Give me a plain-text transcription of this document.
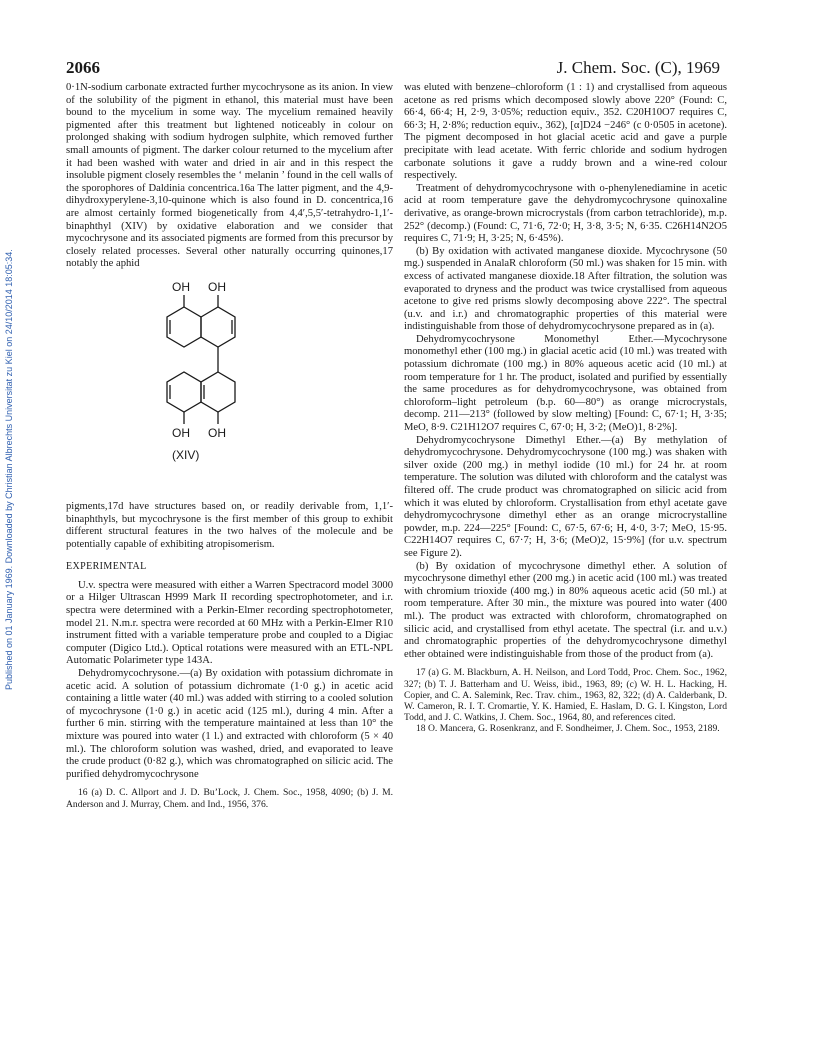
2066	J. Chem. Soc. (C), 1969
Published on 01 January 1969. Downloaded by Christian Albrechts Universitat zu Kiel on 24/10/2014 18:05:34.

0·1N-sodium carbonate extracted further mycochrysone as its anion. In view of the solubility of the pigment in ethanol, this material must have been bound to the mycelium in some way. The mycelium remained heavily pigmented after this treatment but lightened noticeably in colour on prolonged shaking with sodium hydrogen sulphite, which removed further small amounts of pigment. The darker colour returned to the mycelium after it had been washed with water and dried in air and in this respect the insoluble pigment closely resembles the ‘ melanin ’ found in the cell walls of the sporophores of Daldinia concentrica.16a The latter pigment, and the 4,9-dihydroxyperylene-3,10-quinone which is also found in D. concentrica,16 are almost certainly formed biogenetically from 4,4′,5,5′-tetrahydro-1,1′-binaphthyl (XIV) by oxidative elaboration and we consider that mycochrysone and its associated pigments are formed from this precursor by closely related processes. Several other naturally occurring quinones,17 notably the aphid

OH OH
OH OH
(XIV)

pigments,17d have structures based on, or readily derivable from, 1,1′-binaphthyls, but mycochrysone is the first member of this group to exhibit different structural features in the two halves of the molecule and be potentially capable of exhibiting atropisomerism.

EXPERIMENTAL

U.v. spectra were measured with either a Warren Spectracord model 3000 or a Hilger Ultrascan H999 Mark II recording spectrophotometer, and i.r. spectra were determined with a Perkin-Elmer recording spectrophotometer, model 21. N.m.r. spectra were recorded at 60 MHz with a Perkin-Elmer R10 instrument fitted with a variable temperature probe and coupled to a Digiac computer (Digico Ltd.). Optical rotations were measured with an ETL-NPL Automatic Polarimeter type 143A.

Dehydromycochrysone.—(a) By oxidation with potassium dichromate in acetic acid. A solution of potassium dichromate (1·0 g.) in acetic acid containing a little water (40 ml.) was added with stirring to a cooled solution of mycochrysone (1·0 g.) in acetic acid (125 ml.), during 4 min. After a further 6 min. stirring with the temperature maintained at less than 10° the mixture was poured into water (1 l.) and extracted with chloroform (5 × 40 ml.). The chloroform solution was washed, dried, and evaporated to leave the crude product (0·82 g.), which was chromatographed on silicic acid. The purified dehydromycochrysone

16 (a) D. C. Allport and J. D. Bu’Lock, J. Chem. Soc., 1958, 4090; (b) J. M. Anderson and J. Murray, Chem. and Ind., 1956, 376.

was eluted with benzene–chloroform (1 : 1) and crystallised from aqueous acetone as red prisms which decomposed slowly above 220° (Found: C, 66·4, 66·4; H, 2·9, 3·05%; reduction equiv., 352. C20H10O7 requires C, 66·3; H, 2·8%; reduction equiv., 362), [α]D24 −246° (c 0·0505 in acetone). The pigment decomposed in hot glacial acetic acid and gave a purple precipitate with lead acetate. With ferric chloride and sodium hydrogen carbonate solutions it gave a ruddy brown and a wine-red colour respectively.

Treatment of dehydromycochrysone with o-phenylenediamine in acetic acid at room temperature gave the dehydromycochrysone quinoxaline derivative, as orange-brown microcrystals (from carbon tetrachloride), m.p. 252° (decomp.) (Found: C, 71·6, 72·0; H, 3·8, 3·5; N, 6·35. C26H14N2O5 requires C, 71·9; H, 3·25; N, 6·45%).

(b) By oxidation with activated manganese dioxide. Mycochrysone (50 mg.) suspended in AnalaR chloroform (50 ml.) was shaken for 15 min. with excess of activated manganese dioxide.18 After filtration, the solution was evaporated to dryness and the product was twice crystallised from aqueous acetone to give red prisms slowly decomposing above 222°. The spectral (u.v. and i.r.) and chromatographic properties of this material were indistinguishable from those of dehydromycochrysone prepared as in (a).

Dehydromycochrysone Monomethyl Ether.—Mycochrysone monomethyl ether (100 mg.) in glacial acetic acid (10 ml.) was treated with potassium dichromate (100 mg.) in 80% aqueous acetic acid (10 ml.) at room temperature for 1 hr. The product, isolated and purified by essentially the same procedures as for dehydromycochrysone, was obtained from chloroform–light petroleum (b.p. 60—80°) as orange microcrystals, decomp. 211—213° (followed by slow melting) [Found: C, 67·1; H, 3·35; MeO, 8·9. C21H12O7 requires C, 67·0; H, 3·2; (MeO)1, 8·2%].

Dehydromycochrysone Dimethyl Ether.—(a) By methylation of dehydromycochrysone. Dehydromycochrysone (100 mg.) was shaken with silver oxide (200 mg.) in methyl iodide (10 ml.) for 24 hr. at room temperature. The solution was diluted with chloroform and the catalyst was filtered off. The crude product was chromatographed on silicic acid from which it was eluted by chloroform. Crystallisation from ethyl acetate gave dehydromycochrysone dimethyl ether as an orange microcrystalline powder, m.p. 224—225° [Found: C, 67·5, 67·6; H, 4·0, 3·7; MeO, 15·95. C22H14O7 requires C, 67·7; H, 3·6; (MeO)2, 15·9%] (for u.v. spectrum see Figure 2).

(b) By oxidation of mycochrysone dimethyl ether. A solution of mycochrysone dimethyl ether (200 mg.) in acetic acid (100 ml.) was treated with chromium trioxide (400 mg.) in 80% aqueous acetic acid (50 ml.) at room temperature. After 30 min., the mixture was poured into water (400 ml.). The product was extracted with chloroform, chromatographed on silicic acid, and crystallised from ethyl acetate. The spectral (i.r. and u.v.) and chromatographic properties of the dehydromycochrysone dimethyl ether obtained were indistinguishable from those of the product from (a).

17 (a) G. M. Blackburn, A. H. Neilson, and Lord Todd, Proc. Chem. Soc., 1962, 327; (b) T. J. Batterham and U. Weiss, ibid., 1963, 89; (c) W. H. L. Hacking, H. Copier, and C. A. Salemink, Rec. Trav. chim., 1963, 82, 322; (d) A. Calderbank, D. W. Cameron, R. I. T. Cromartie, Y. K. Hamied, E. Haslam, D. G. I. Kingston, Lord Todd, and J. C. Watkins, J. Chem. Soc., 1964, 80, and references cited.

18 O. Mancera, G. Rosenkranz, and F. Sondheimer, J. Chem. Soc., 1953, 2189.
